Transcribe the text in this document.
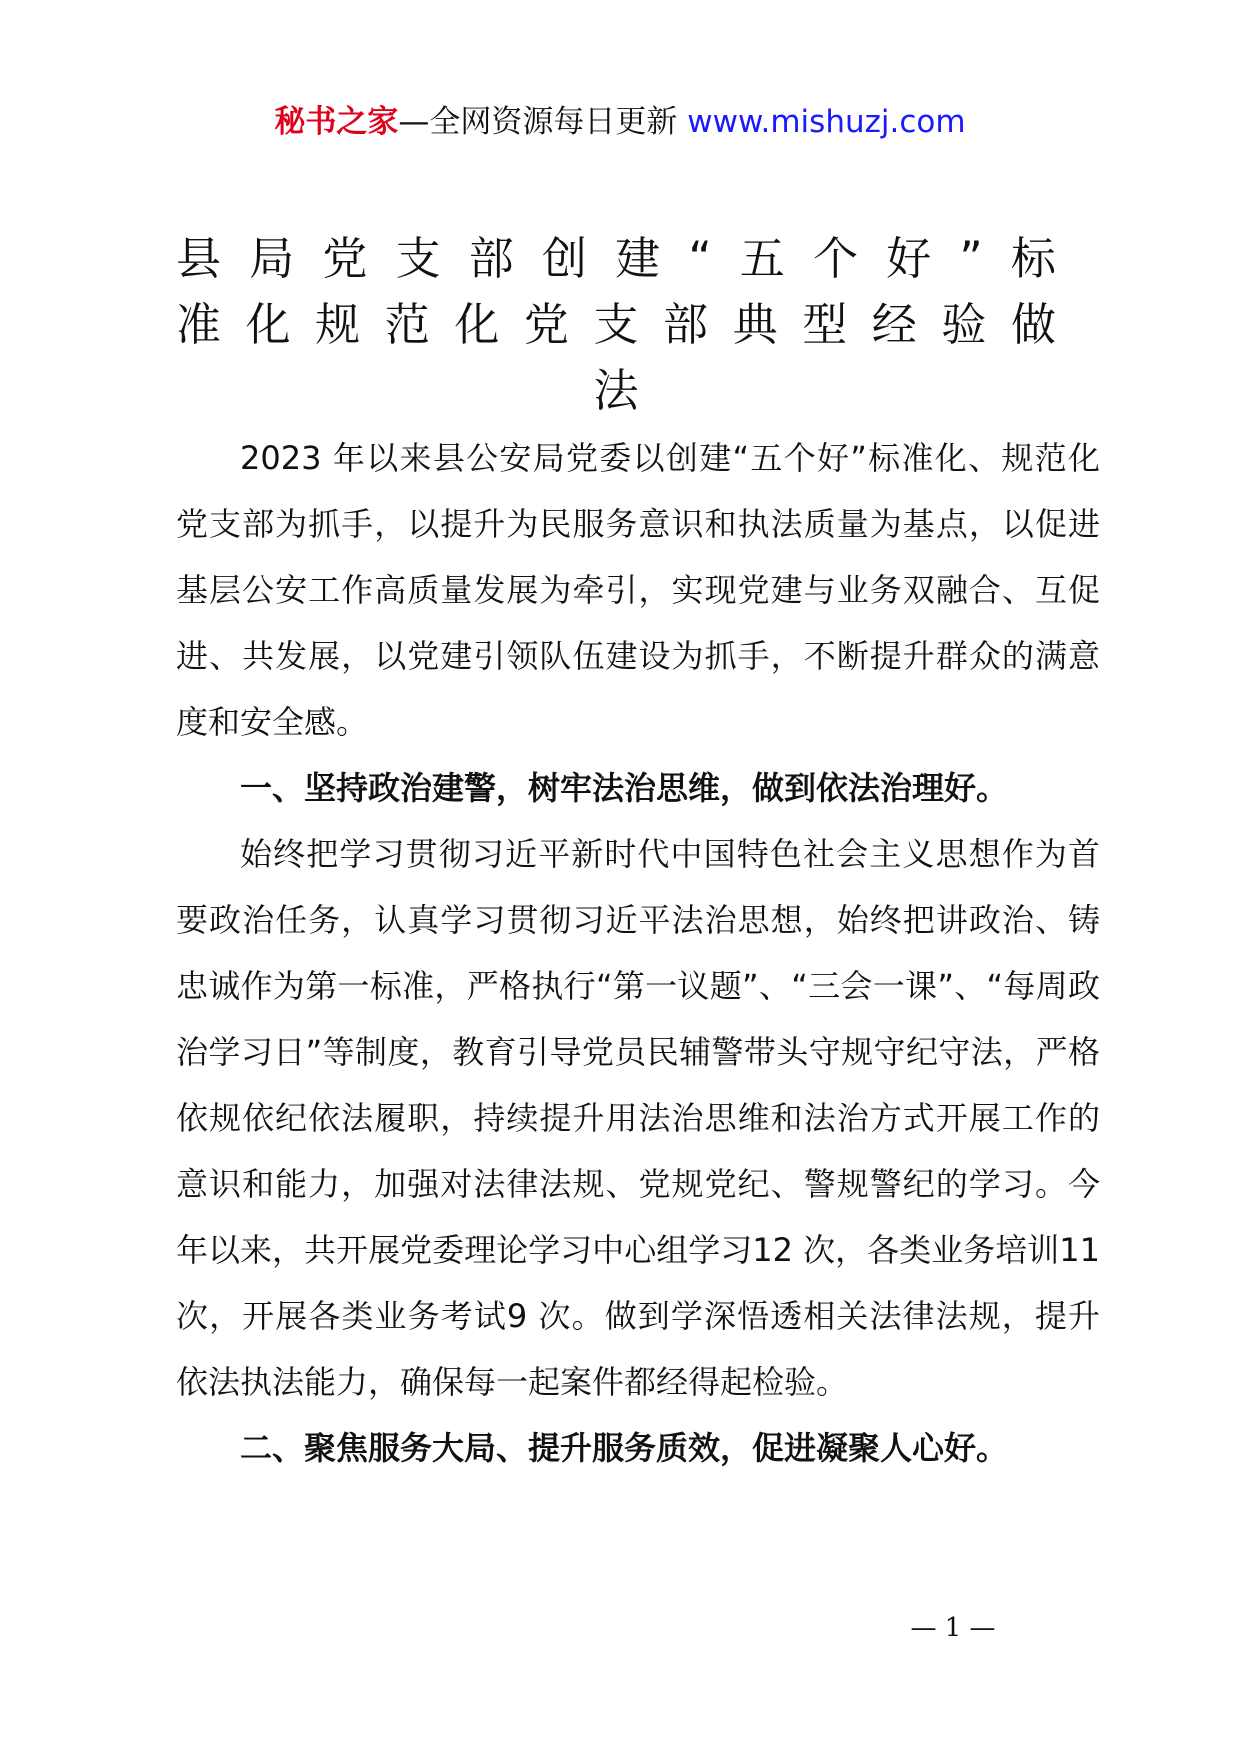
秘书之家—全网资源每日更新 www.mishuzj.com
县 局 党 支 部 创 建 “ 五 个 好 ” 标
准 化 规 范 化 党 支 部 典 型 经 验 做
法

2023 年以来县公安局党委以创建“五个好”标准化、规范化党支部为抓手，以提升为民服务意识和执法质量为基点，以促进基层公安工作高质量发展为牵引，实现党建与业务双融合、互促进、共发展，以党建引领队伍建设为抓手，不断提升群众的满意度和安全感。

一、坚持政治建警，树牢法治思维，做到依法治理好。

始终把学习贯彻习近平新时代中国特色社会主义思想作为首要政治任务，认真学习贯彻习近平法治思想，始终把讲政治、铸忠诚作为第一标准，严格执行“第一议题”、“三会一课”、“每周政治学习日”等制度，教育引导党员民辅警带头守规守纪守法，严格依规依纪依法履职，持续提升用法治思维和法治方式开展工作的意识和能力，加强对法律法规、党规党纪、警规警纪的学习。今年以来，共开展党委理论学习中心组学习12 次，各类业务培训11 次，开展各类业务考试9 次。做到学深悟透相关法律法规，提升依法执法能力，确保每一起案件都经得起检验。

二、聚焦服务大局、提升服务质效，促进凝聚人心好。

— 1 —
